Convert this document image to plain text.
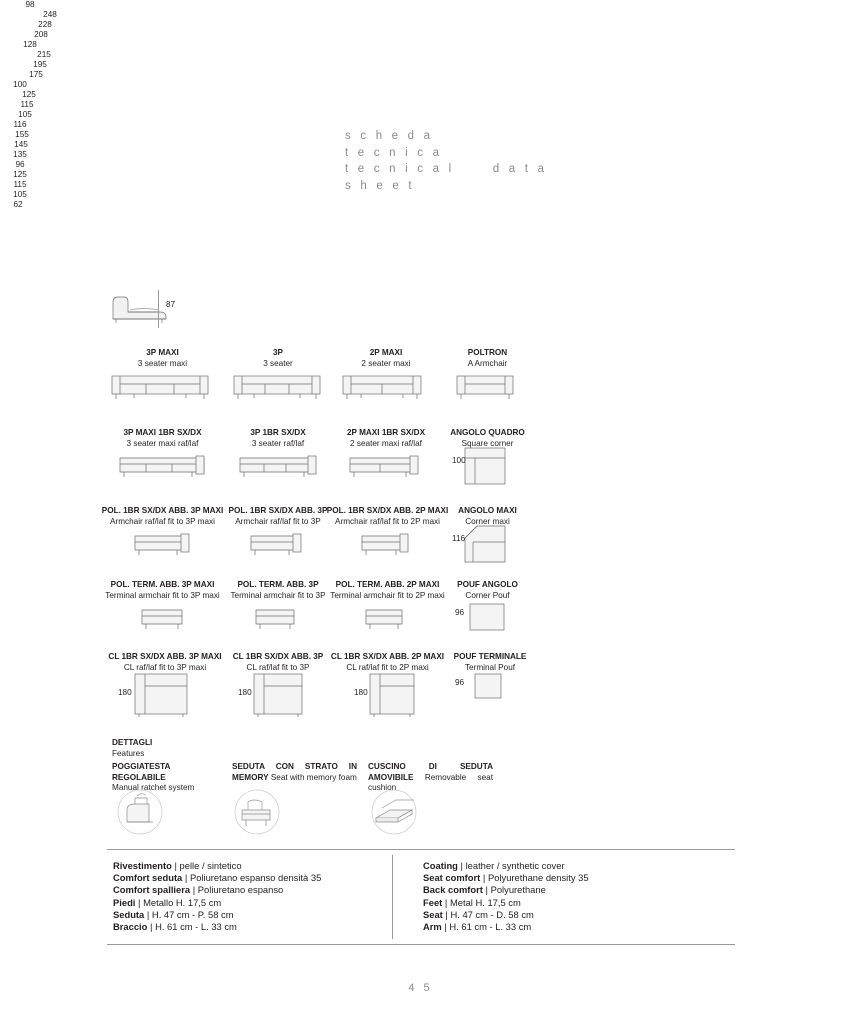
s c h e d a
t e c n i c a
t e c n i c a l      d a t a
s h e e t
87
98
3P MAXI
3 seater maxi
3P
3 seater
2P MAXI
2 seater maxi
POLTRON
A Armchair
248
228
208
128
3P MAXI 1BR SX/DX
3 seater maxi raf/laf
3P 1BR SX/DX
3 seater raf/laf
2P MAXI 1BR SX/DX
2 seater maxi raf/laf
ANGOLO QUADRO
Square corner
215
195
175
100
100
POL. 1BR SX/DX ABB. 3P MAXI
Armchair raf/laf fit to 3P maxi
POL. 1BR SX/DX ABB. 3P
Armchair raf/laf fit to 3P
POL. 1BR SX/DX ABB. 2P MAXI
Armchair raf/laf fit to 2P maxi
ANGOLO MAXI
Corner maxi
125
115
105
116
116
POL. TERM. ABB. 3P MAXI
Terminal armchair fit to 3P maxi
POL. TERM. ABB. 3P
Terminal armchair fit to 3P
POL. TERM. ABB. 2P MAXI
Terminal armchair fit to 2P maxi
POUF ANGOLO
Corner Pouf
155
145
135
96
96
CL 1BR SX/DX ABB. 3P MAXI
CL raf/laf fit to 3P maxi
CL 1BR SX/DX ABB. 3P
CL raf/laf fit to 3P
CL 1BR SX/DX ABB. 2P MAXI
CL raf/laf fit to 2P maxi
POUF TERMINALE
Terminal Pouf
180
125
180
115
180
105
96
62
DETTAGLI
Features
POGGIATESTA REGOLABILE
Manual ratchet system
SEDUTA CON STRATO IN MEMORY Seat with memory foam
CUSCINO DI SEDUTA AMOVIBILE Removable seat cushion
Rivestimento | pelle / sintetico
Comfort seduta | Poliuretano espanso densità 35
Comfort spalliera | Poliuretano espanso
Piedi | Metallo H. 17,5 cm
Seduta | H. 47 cm - P. 58 cm
Braccio | H. 61 cm - L. 33 cm
Coating | leather / synthetic cover
Seat comfort | Polyurethane density 35
Back comfort | Polyurethane
Feet | Metal H. 17,5 cm
Seat | H. 47 cm - D. 58 cm
Arm | H. 61 cm - L. 33 cm
4 5
